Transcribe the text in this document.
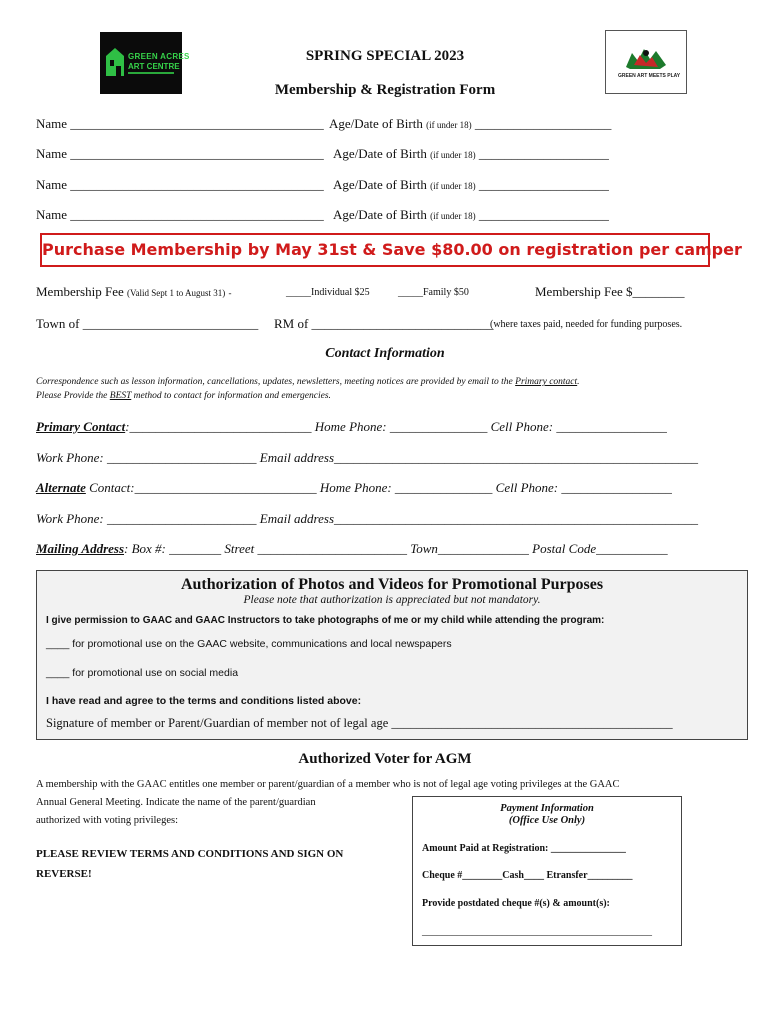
GREEN ACRES
ART CENTRE
GREEN ART MEETS PLAY
SPRING SPECIAL 2023
Membership & Registration Form
Name _______________________________________ Age/Date of Birth (if under 18) _____________________
Name _______________________________________ Age/Date of Birth (if under 18) ____________________
Name _______________________________________ Age/Date of Birth (if under 18) ____________________
Name _______________________________________ Age/Date of Birth (if under 18) ____________________
Purchase Membership by May 31st & Save $80.00 on registration per camper
Membership Fee (Valid Sept 1 to August 31) -	_____Individual $25	_____Family $50	Membership Fee $________
Town of ___________________________ RM of ____________________________
(where taxes paid, needed for funding purposes.
Contact Information
Correspondence such as lesson information, cancellations, updates, newsletters, meeting notices are provided by email to the Primary contact.
Please Provide the BEST method to contact for information and emergencies.
Primary Contact:____________________________ Home Phone: _______________ Cell Phone: _________________
Work Phone: _______________________ Email address________________________________________________________
Alternate Contact:____________________________ Home Phone: _______________ Cell Phone: _________________
Work Phone: _______________________ Email address________________________________________________________
Mailing Address: Box #: ________ Street _______________________ Town______________ Postal Code___________
Authorization of Photos and Videos for Promotional Purposes
Please note that authorization is appreciated but not mandatory.
I give permission to GAAC and GAAC Instructors to take photographs of me or my child while attending the program:
____ for promotional use on the GAAC website, communications and local newspapers
____ for promotional use on social media
I have read and agree to the terms and conditions listed above:
Signature of member or Parent/Guardian of member not of legal age _____________________________________________
Authorized Voter for AGM
A membership with the GAAC entitles one member or parent/guardian of a member who is not of legal age voting privileges at the GAAC
Annual General Meeting. Indicate the name of the parent/guardian
authorized with voting privileges:
PLEASE REVIEW TERMS AND CONDITIONS AND SIGN ON
REVERSE!
Payment Information
(Office Use Only)
Amount Paid at Registration: _______________
Cheque #________Cash____ Etransfer_________
Provide postdated cheque #(s) & amount(s):
______________________________________________
